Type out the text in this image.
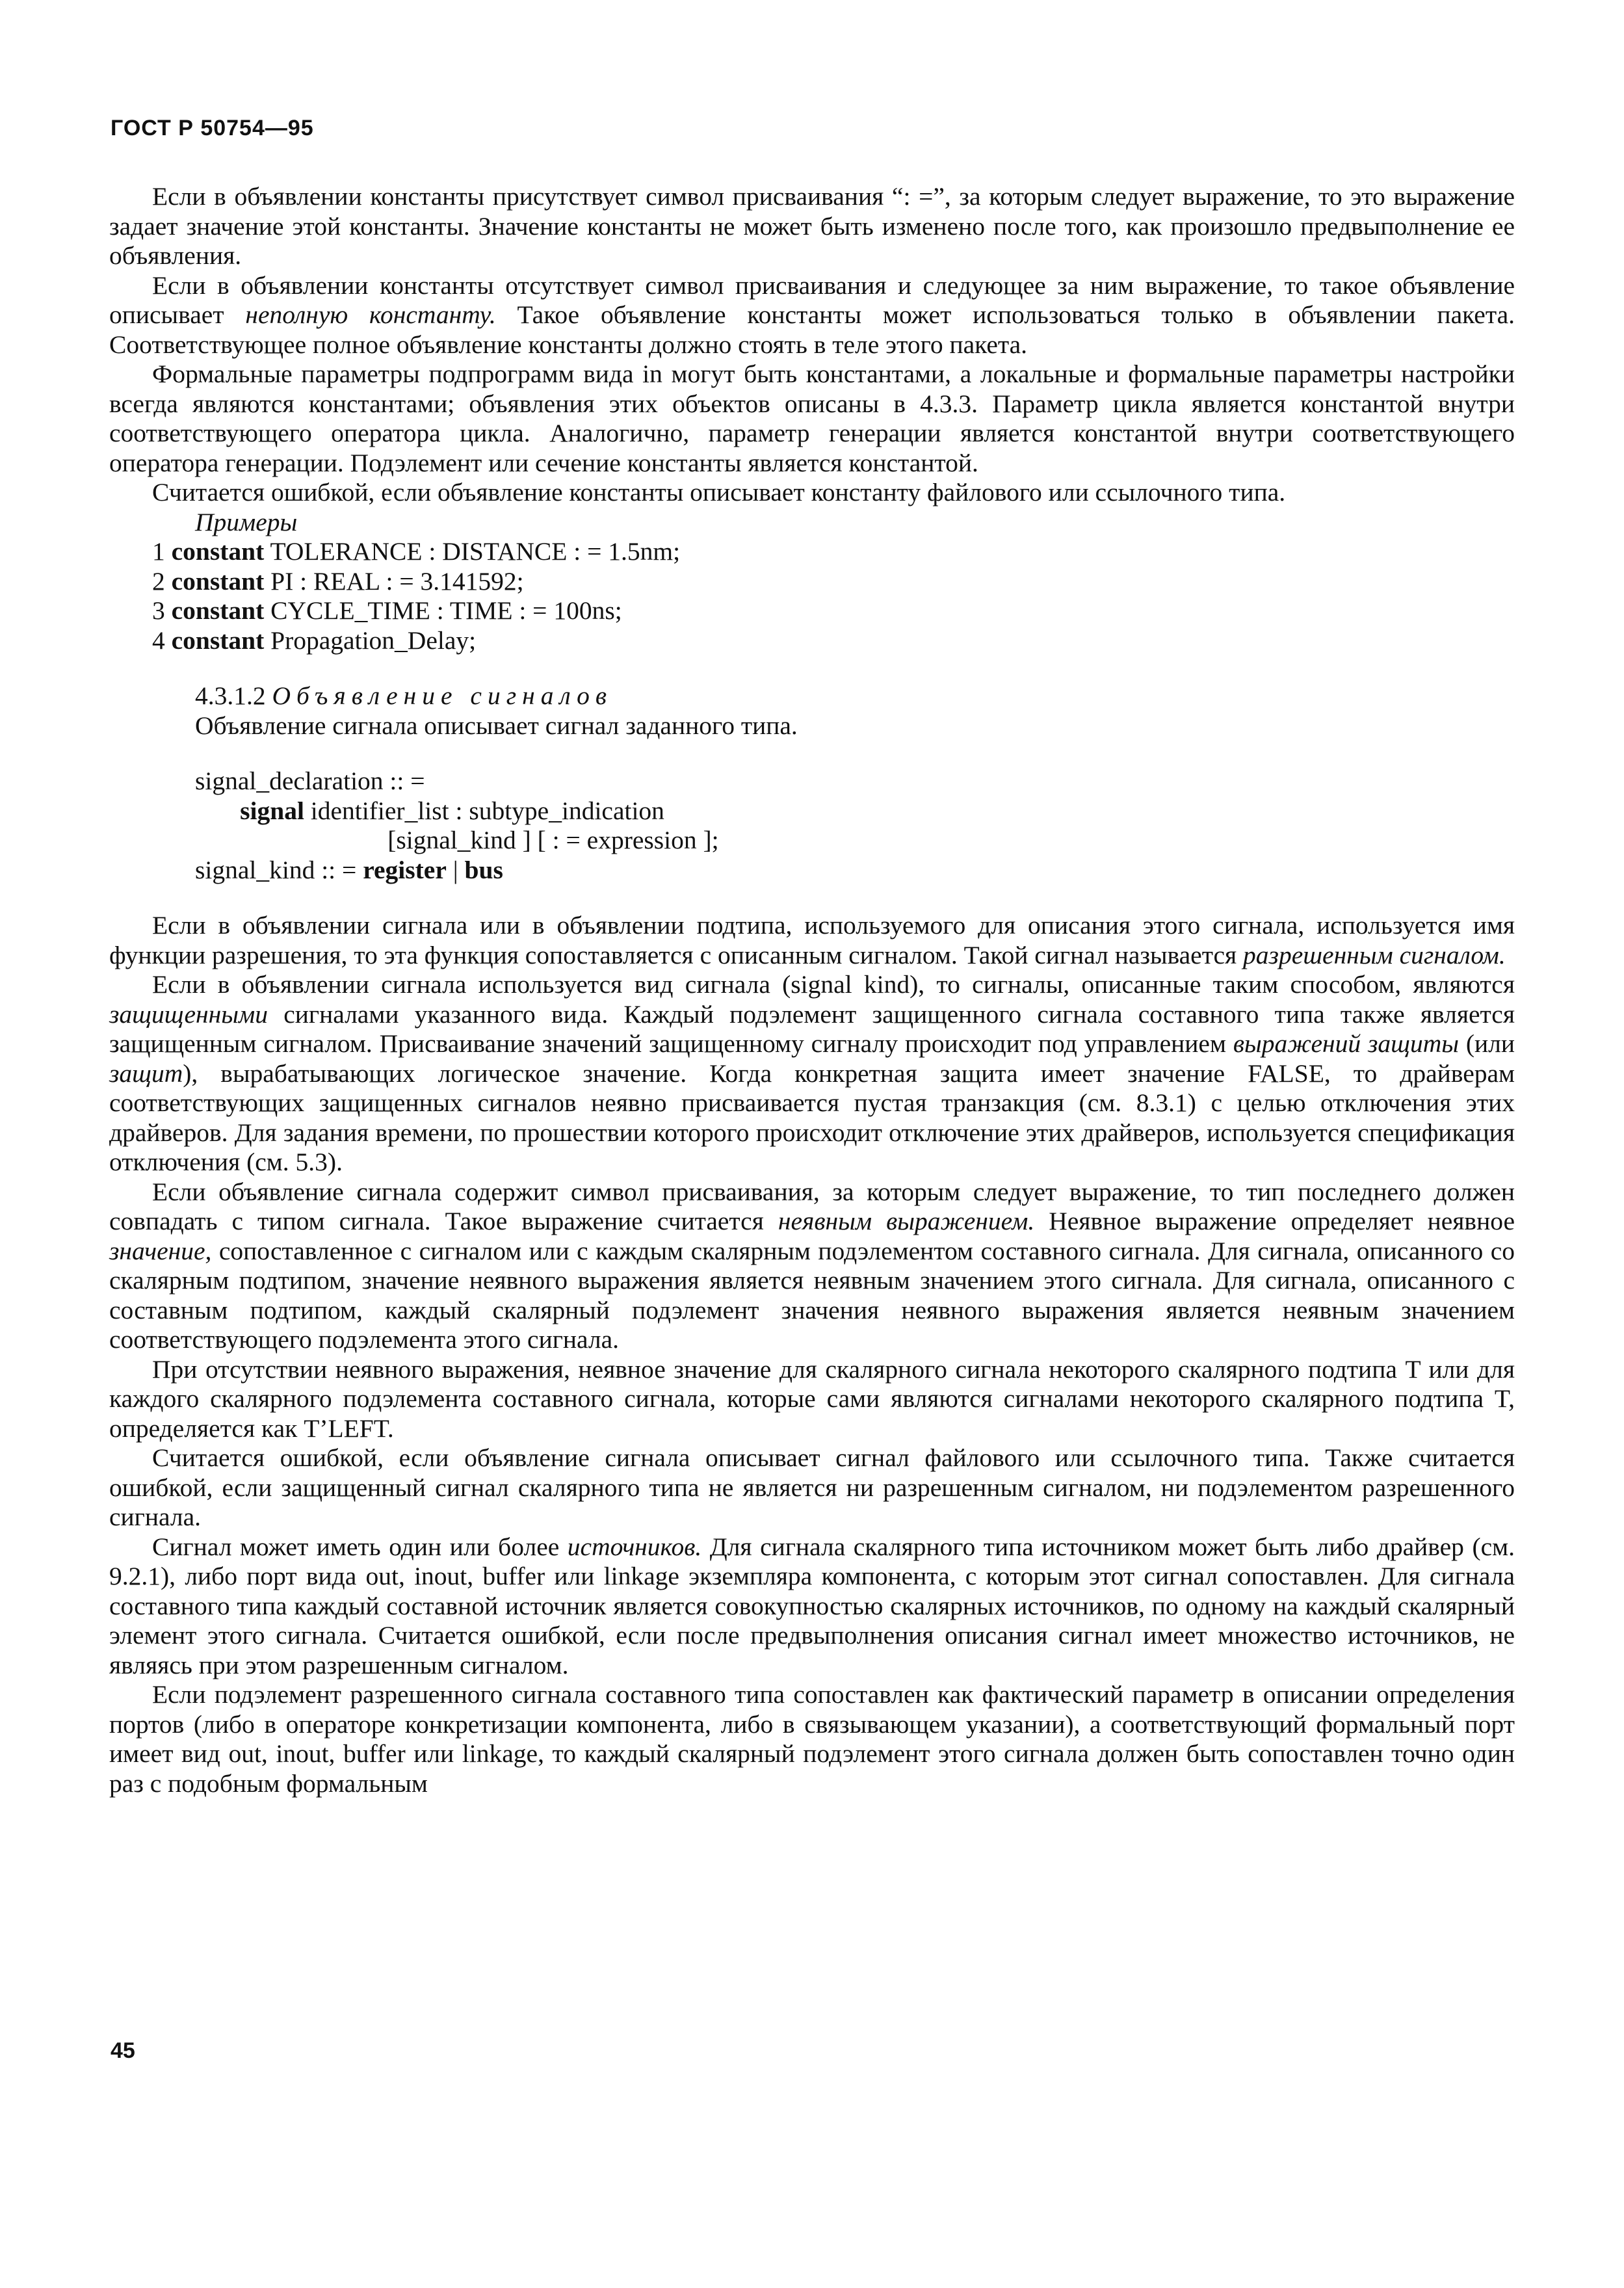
ГОСТ Р 50754—95

Если в объявлении константы присутствует символ присваивания “: =”, за которым следует выражение, то это выражение задает значение этой константы. Значение константы не может быть изменено после того, как произошло предвыполнение ее объявления.

Если в объявлении константы отсутствует символ присваивания и следующее за ним выражение, то такое объявление описывает неполную константу. Такое объявление константы может использоваться только в объявлении пакета. Соответствующее полное объявление константы должно стоять в теле этого пакета.

Формальные параметры подпрограмм вида in могут быть константами, а локальные и формальные параметры настройки всегда являются константами; объявления этих объектов описаны в 4.3.3. Параметр цикла является константой внутри соответствующего оператора цикла. Аналогично, параметр генерации является константой внутри соответствующего оператора генерации. Подэлемент или сечение константы является константой.

Считается ошибкой, если объявление константы описывает константу файлового или ссылочного типа.

Примеры

1 constant TOLERANCE : DISTANCE : = 1.5nm;

2 constant PI : REAL : = 3.141592;

3 constant CYCLE_TIME : TIME : = 100ns;

4 constant Propagation_Delay;

4.3.1.2 Объявление сигналов

Объявление сигнала описывает сигнал заданного типа.

signal_declaration :: =

signal identifier_list : subtype_indication

[signal_kind ] [ : = expression ];

signal_kind :: = register | bus

Если в объявлении сигнала или в объявлении подтипа, используемого для описания этого сигнала, используется имя функции разрешения, то эта функция сопоставляется с описанным сигналом. Такой сигнал называется разрешенным сигналом.

Если в объявлении сигнала используется вид сигнала (signal kind), то сигналы, описанные таким способом, являются защищенными сигналами указанного вида. Каждый подэлемент защищенного сигнала составного типа также является защищенным сигналом. Присваивание значений защищенному сигналу происходит под управлением выражений защиты (или защит), вырабатывающих логическое значение. Когда конкретная защита имеет значение FALSE, то драйверам соответствующих защищенных сигналов неявно присваивается пустая транзакция (см. 8.3.1) с целью отключения этих драйверов. Для задания времени, по прошествии которого происходит отключение этих драйверов, используется спецификация отключения (см. 5.3).

Если объявление сигнала содержит символ присваивания, за которым следует выражение, то тип последнего должен совпадать с типом сигнала. Такое выражение считается неявным выражением. Неявное выражение определяет неявное значение, сопоставленное с сигналом или с каждым скалярным подэлементом составного сигнала. Для сигнала, описанного со скалярным подтипом, значение неявного выражения является неявным значением этого сигнала. Для сигнала, описанного с составным подтипом, каждый скалярный подэлемент значения неявного выражения является неявным значением соответствующего подэлемента этого сигнала.

При отсутствии неявного выражения, неявное значение для скалярного сигнала некоторого скалярного подтипа T или для каждого скалярного подэлемента составного сигнала, которые сами являются сигналами некоторого скалярного подтипа T, определяется как T’LEFT.

Считается ошибкой, если объявление сигнала описывает сигнал файлового или ссылочного типа. Также считается ошибкой, если защищенный сигнал скалярного типа не является ни разрешенным сигналом, ни подэлементом разрешенного сигнала.

Сигнал может иметь один или более источников. Для сигнала скалярного типа источником может быть либо драйвер (см. 9.2.1), либо порт вида out, inout, buffer или linkage экземпляра компонента, с которым этот сигнал сопоставлен. Для сигнала составного типа каждый составной источник является совокупностью скалярных источников, по одному на каждый скалярный элемент этого сигнала. Считается ошибкой, если после предвыполнения описания сигнал имеет множество источников, не являясь при этом разрешенным сигналом.

Если подэлемент разрешенного сигнала составного типа сопоставлен как фактический параметр в описании определения портов (либо в операторе конкретизации компонента, либо в связывающем указании), а соответствующий формальный порт имеет вид out, inout, buffer или linkage, то каждый скалярный подэлемент этого сигнала должен быть сопоставлен точно один раз с подобным формальным

45
